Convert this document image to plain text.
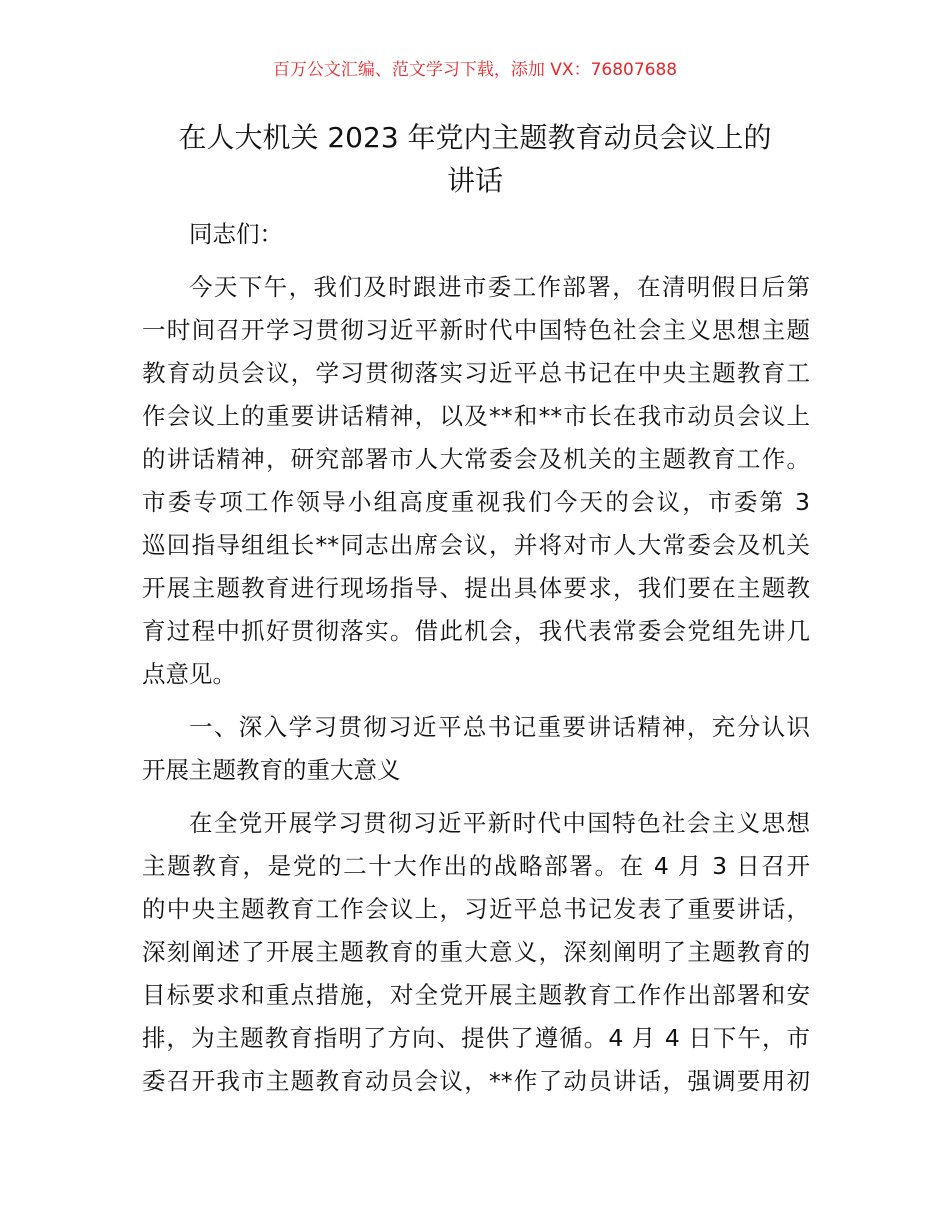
百万公文汇编、范文学习下载，添加 VX：76807688
在人大机关 2023 年党内主题教育动员会议上的
讲话
同志们：
今天下午，我们及时跟进市委工作部署，在清明假日后第
一时间召开学习贯彻习近平新时代中国特色社会主义思想主题
教育动员会议，学习贯彻落实习近平总书记在中央主题教育工
作会议上的重要讲话精神，以及**和**市长在我市动员会议上
的讲话精神，研究部署市人大常委会及机关的主题教育工作。
市委专项工作领导小组高度重视我们今天的会议，市委第 3
巡回指导组组长**同志出席会议，并将对市人大常委会及机关
开展主题教育进行现场指导、提出具体要求，我们要在主题教
育过程中抓好贯彻落实。借此机会，我代表常委会党组先讲几
点意见。
一、深入学习贯彻习近平总书记重要讲话精神，充分认识
开展主题教育的重大意义
在全党开展学习贯彻习近平新时代中国特色社会主义思想
主题教育，是党的二十大作出的战略部署。在 4 月 3 日召开
的中央主题教育工作会议上，习近平总书记发表了重要讲话，
深刻阐述了开展主题教育的重大意义，深刻阐明了主题教育的
目标要求和重点措施，对全党开展主题教育工作作出部署和安
排，为主题教育指明了方向、提供了遵循。4 月 4 日下午，市
委召开我市主题教育动员会议，**作了动员讲话，强调要用初
